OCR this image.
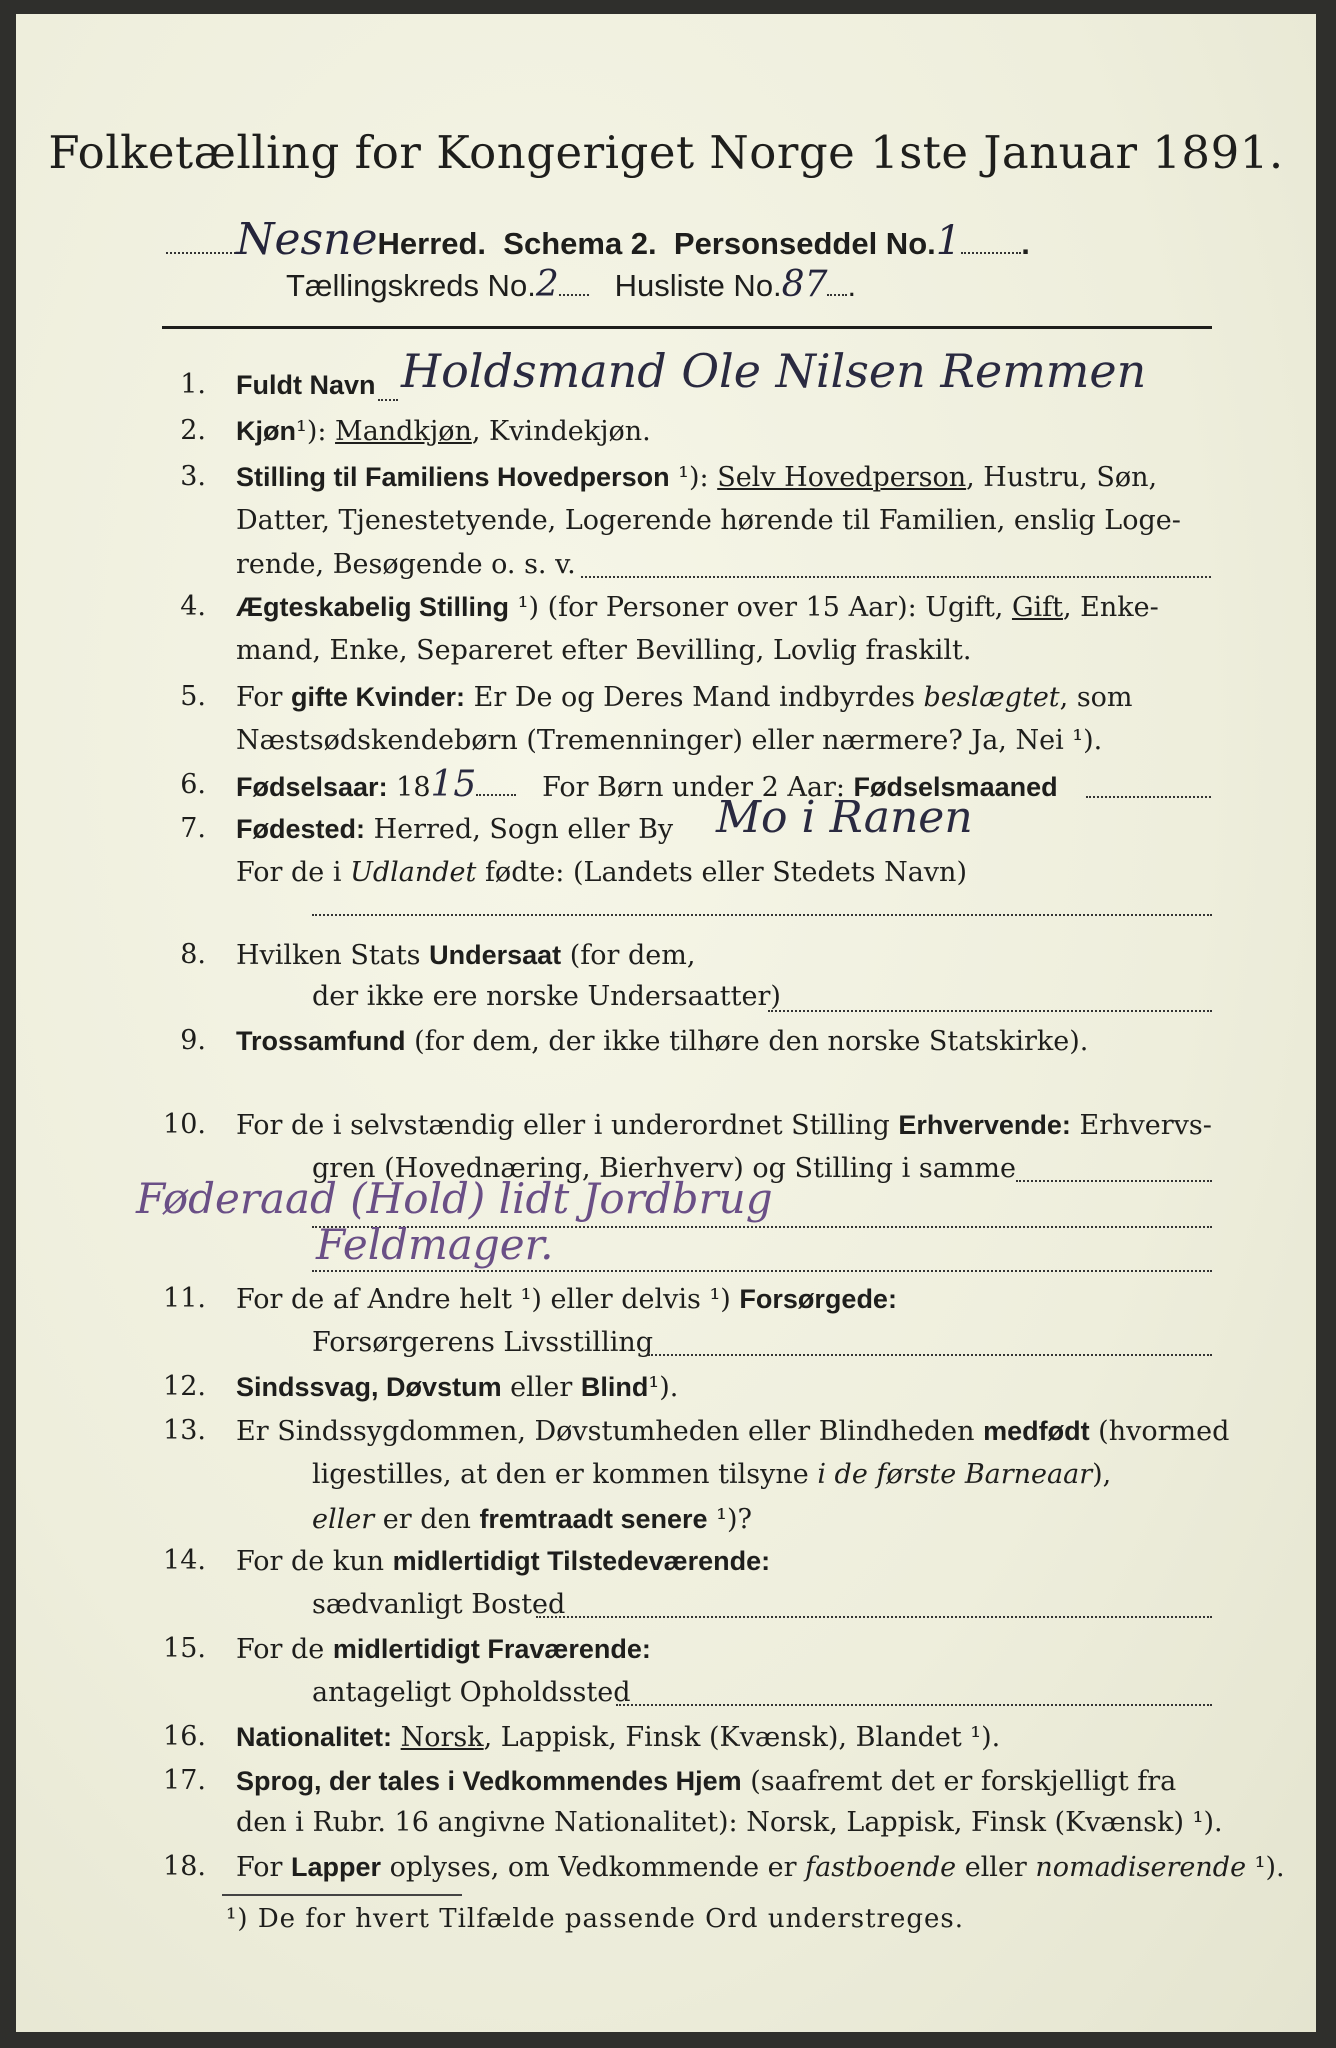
Folketælling for Kongeriget Norge 1ste Januar 1891.
NesneHerred. Schema 2. Personseddel No.1 .
Tællingskreds No.2 Husliste No.87 .
1. Fuldt Navn Holdsmand Ole Nilsen Remmen
2. Kjøn¹): Mandkjøn, Kvindekjøn.
3. Stilling til Familiens Hovedperson ¹): Selv Hovedperson, Hustru, Søn,
Datter, Tjenestetyende, Logerende hørende til Familien, enslig Loge-
rende, Besøgende o. s. v.
4. Ægteskabelig Stilling ¹) (for Personer over 15 Aar): Ugift, Gift, Enke-
mand, Enke, Separeret efter Bevilling, Lovlig fraskilt.
5. For gifte Kvinder: Er De og Deres Mand indbyrdes beslægtet, som
Næstsødskendebørn (Tremenninger) eller nærmere? Ja, Nei ¹).
6. Fødselsaar: 1815 For Børn under 2 Aar: Fødselsmaaned
7. Fødested: Herred, Sogn eller By Mo i Ranen
For de i Udlandet fødte: (Landets eller Stedets Navn)
8. Hvilken Stats Undersaat (for dem,
der ikke ere norske Undersaatter)
9. Trossamfund (for dem, der ikke tilhøre den norske Statskirke).
10. For de i selvstændig eller i underordnet Stilling Erhvervende: Erhvervs-
gren (Hovednæring, Bierhverv) og Stilling i samme
Føderaad (Hold) lidt Jordbrug
Feldmager.
11. For de af Andre helt ¹) eller delvis ¹) Forsørgede:
Forsørgerens Livsstilling
12. Sindssvag, Døvstum eller Blind¹).
13. Er Sindssygdommen, Døvstumheden eller Blindheden medfødt (hvormed
ligestilles, at den er kommen tilsyne i de første Barneaar),
eller er den fremtraadt senere ¹)?
14. For de kun midlertidigt Tilstedeværende:
sædvanligt Bosted
15. For de midlertidigt Fraværende:
antageligt Opholdssted
16. Nationalitet: Norsk, Lappisk, Finsk (Kvænsk), Blandet ¹).
17. Sprog, der tales i Vedkommendes Hjem (saafremt det er forskjelligt fra
den i Rubr. 16 angivne Nationalitet): Norsk, Lappisk, Finsk (Kvænsk) ¹).
18. For Lapper oplyses, om Vedkommende er fastboende eller nomadiserende ¹).
¹) De for hvert Tilfælde passende Ord understreges.
